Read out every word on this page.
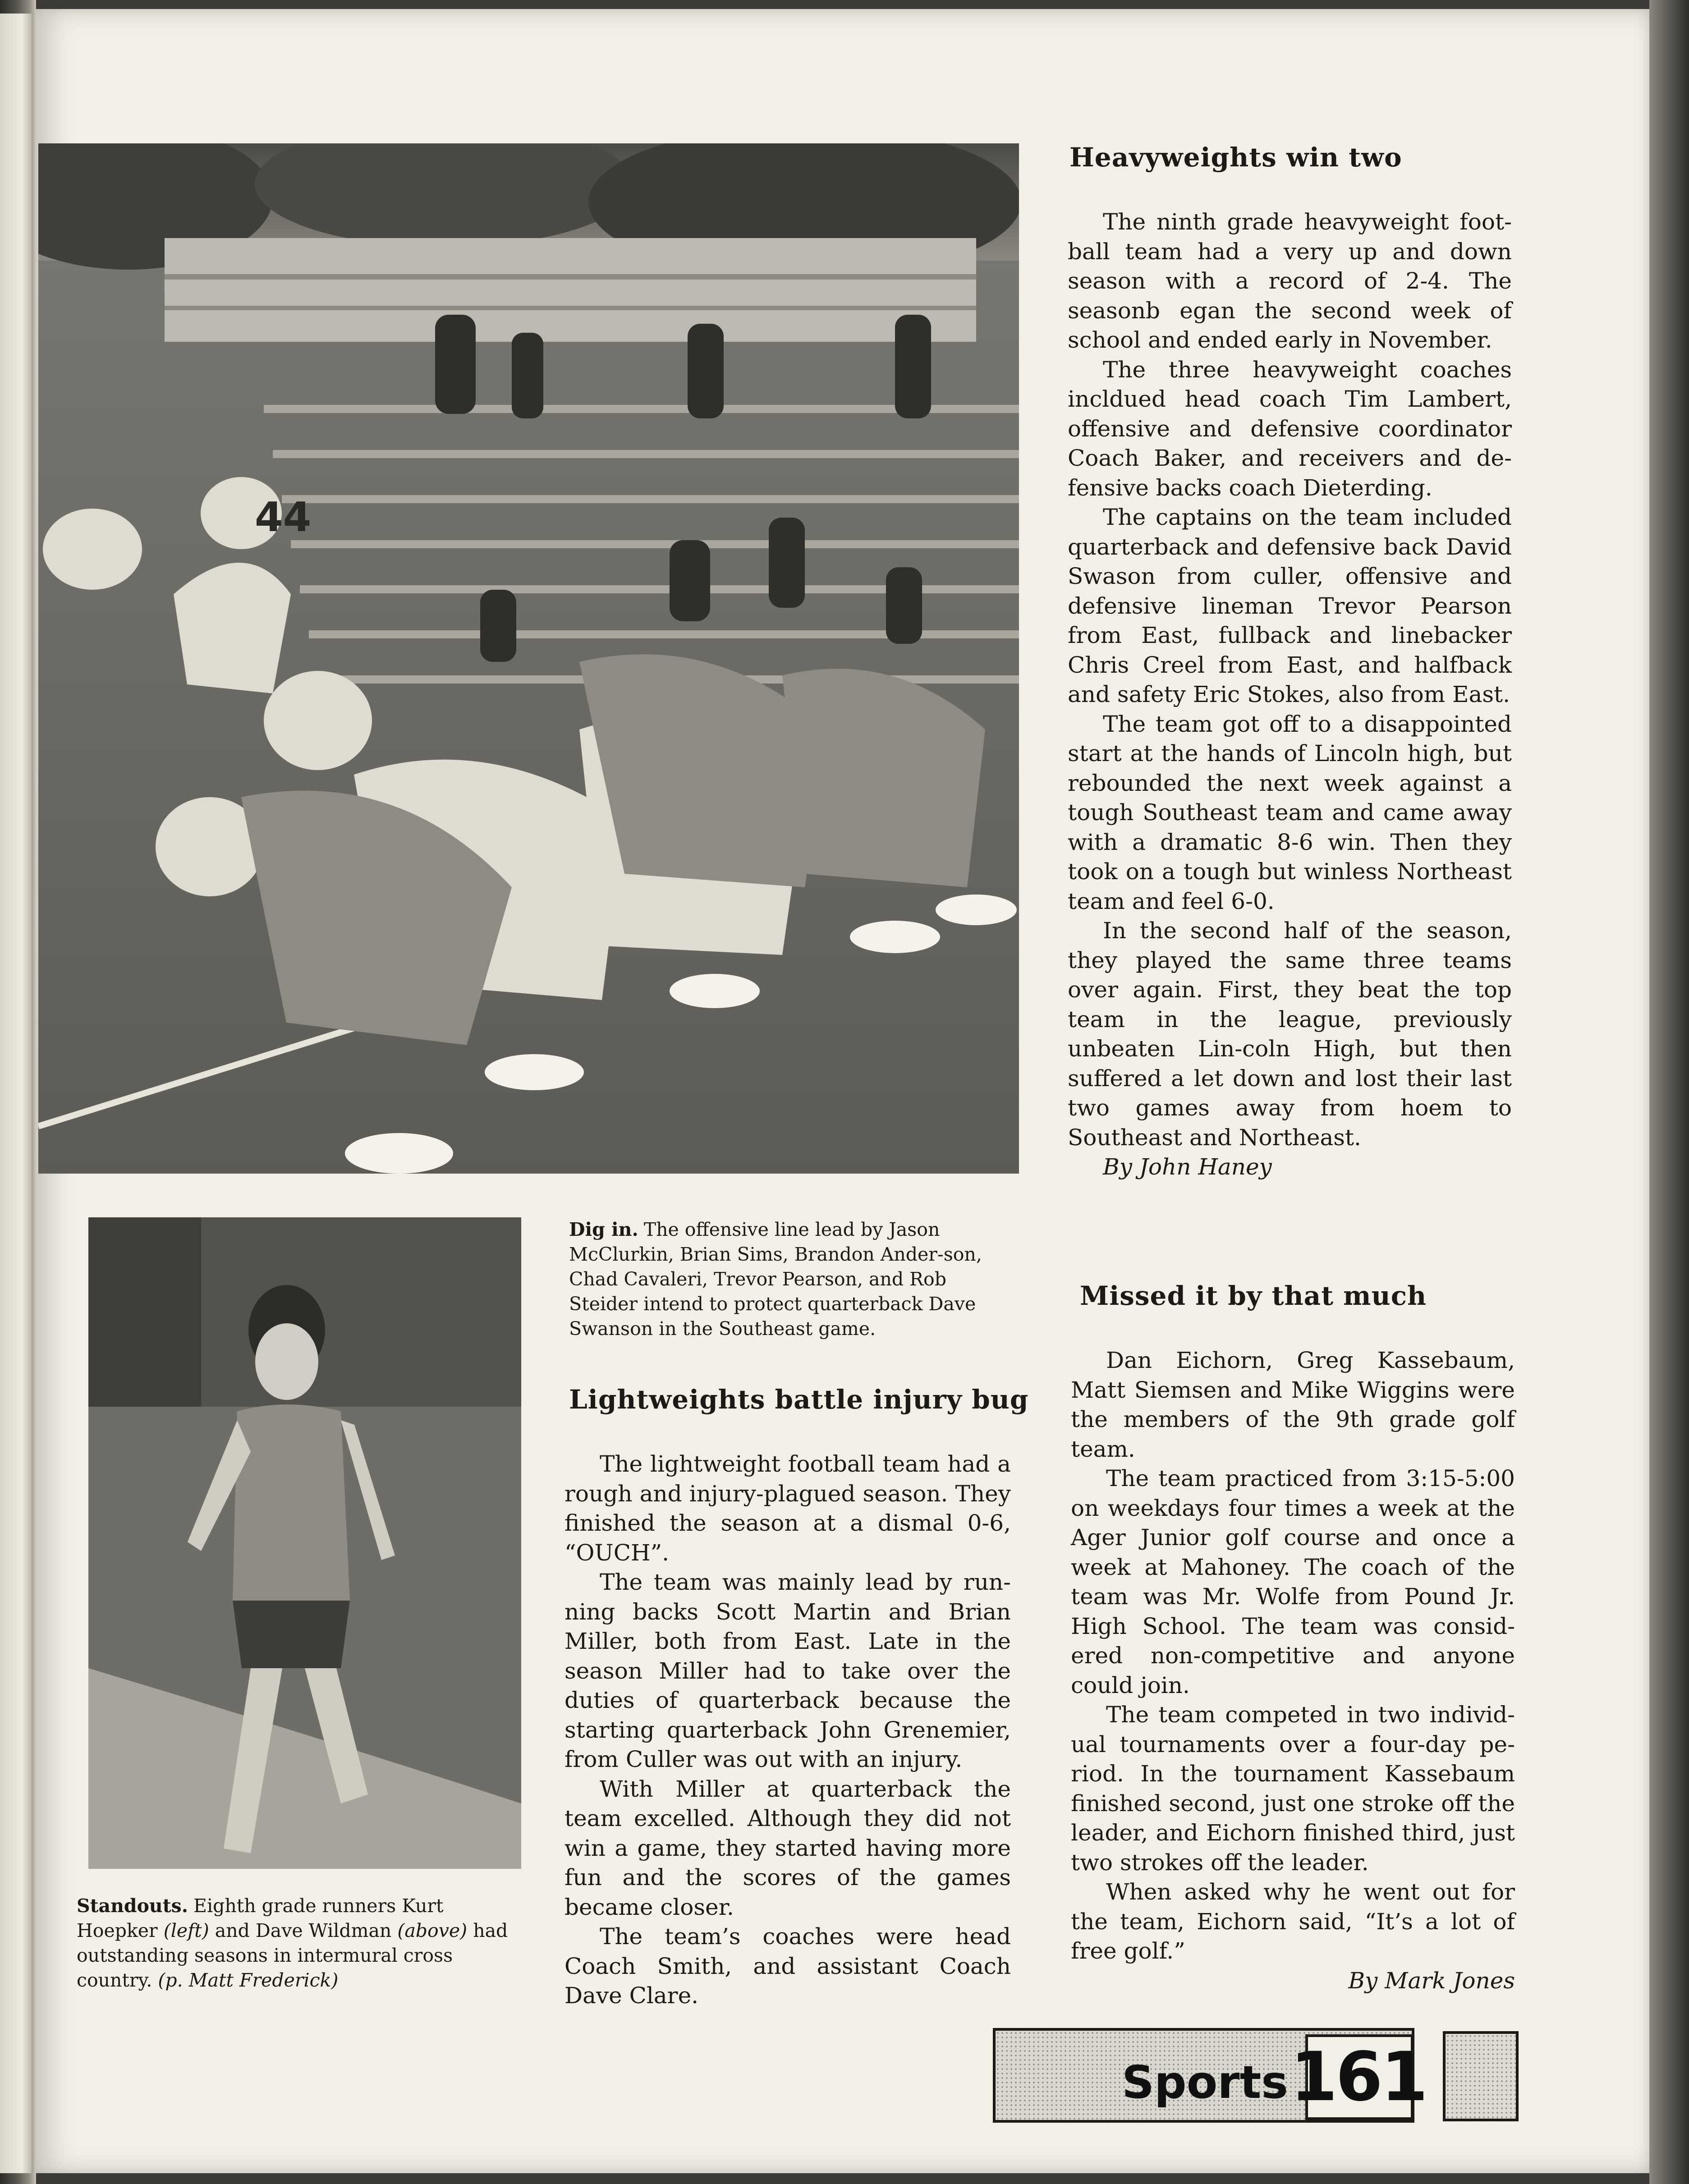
44
Heavyweights win two

The ninth grade heavyweight foot-ball team had a very up and down season with a record of 2-4. The seasonb egan the second week of school and ended early in November.

The three heavyweight coaches incldued head coach Tim Lambert, offensive and defensive coordinator Coach Baker, and receivers and de-fensive backs coach Dieterding.

The captains on the team included quarterback and defensive back David Swason from culler, offensive and defensive lineman Trevor Pearson from East, fullback and linebacker Chris Creel from East, and halfback and safety Eric Stokes, also from East.

The team got off to a disappointed start at the hands of Lincoln high, but rebounded the next week against a tough Southeast team and came away with a dramatic 8-6 win. Then they took on a tough but winless Northeast team and feel 6-0.

In the second half of the season, they played the same three teams over again. First, they beat the top team in the league, previously unbeaten Lin-coln High, but then suffered a let down and lost their last two games away from hoem to Southeast and Northeast.

By John Haney

Dig in. The offensive line lead by Jason McClurkin, Brian Sims, Brandon Ander-son, Chad Cavaleri, Trevor Pearson, and Rob Steider intend to protect quarterback Dave Swanson in the Southeast game.
Lightweights battle injury bug

The lightweight football team had a rough and injury-plagued season. They finished the season at a dismal 0-6, “OUCH”.

The team was mainly lead by run-ning backs Scott Martin and Brian Miller, both from East. Late in the season Miller had to take over the duties of quarterback because the starting quarterback John Grenemier, from Culler was out with an injury.

With Miller at quarterback the team excelled. Although they did not win a game, they started having more fun and the scores of the games became closer.

The team’s coaches were head Coach Smith, and assistant Coach Dave Clare.

Missed it by that much

Dan Eichorn, Greg Kassebaum, Matt Siemsen and Mike Wiggins were the members of the 9th grade golf team.

The team practiced from 3:15-5:00 on weekdays four times a week at the Ager Junior golf course and once a week at Mahoney. The coach of the team was Mr. Wolfe from Pound Jr. High School. The team was consid-ered non-competitive and anyone could join.

The team competed in two individ-ual tournaments over a four-day pe-riod. In the tournament Kassebaum finished second, just one stroke off the leader, and Eichorn finished third, just two strokes off the leader.

When asked why he went out for the team, Eichorn said, “It’s a lot of free golf.”

By Mark Jones

Standouts. Eighth grade runners Kurt Hoepker (left) and Dave Wildman (above) had outstanding seasons in intermural cross country. (p. Matt Frederick)

Sports 161
